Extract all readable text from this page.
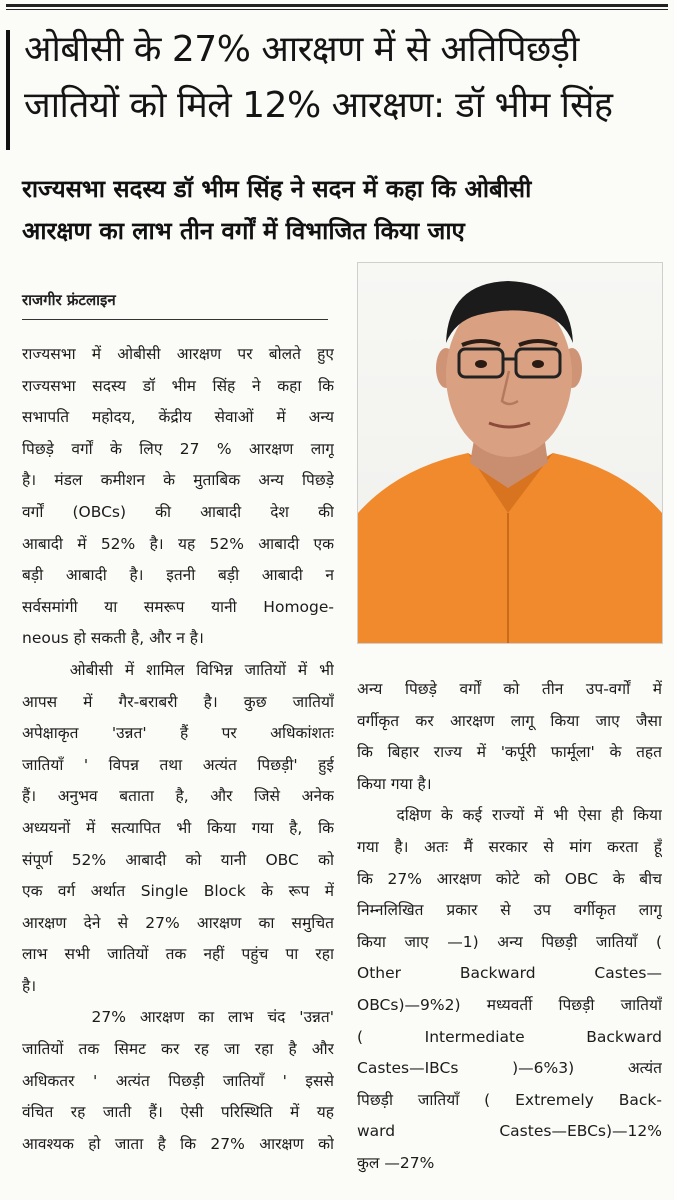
ओबीसी के 27% आरक्षण में से अतिपिछड़ी
जातियों को मिले 12% आरक्षण: डॉ भीम सिंह
राज्यसभा सदस्य डॉ भीम सिंह ने सदन में कहा कि ओबीसी
आरक्षण का लाभ तीन वर्गों में विभाजित किया जाए
राजगीर फ्रंटलाइन
राज्यसभा में ओबीसी आरक्षण पर बोलते हुए
राज्यसभा सदस्य डॉ भीम सिंह ने कहा कि
सभापति महोदय, केंद्रीय सेवाओं में अन्य
पिछड़े वर्गों के लिए 27 % आरक्षण लागू
है। मंडल कमीशन के मुताबिक अन्य पिछड़े
वर्गों (OBCs) की आबादी देश की
आबादी में 52% है। यह 52% आबादी एक
बड़ी आबादी है। इतनी बड़ी आबादी न
सर्वसमांगी या समरूप यानी Homoge-
neous हो सकती है, और न है।
ओबीसी में शामिल विभिन्न जातियों में भी
आपस में गैर-बराबरी है। कुछ जातियाँ
अपेक्षाकृत 'उन्नत' हैं पर अधिकांशतः
जातियाँ ' विपन्न तथा अत्यंत पिछड़ी' हुई
हैं। अनुभव बताता है, और जिसे अनेक
अध्ययनों में सत्यापित भी किया गया है, कि
संपूर्ण 52% आबादी को यानी OBC को
एक वर्ग अर्थात Single Block के रूप में
आरक्षण देने से 27% आरक्षण का समुचित
लाभ सभी जातियों तक नहीं पहुंच पा रहा
है।
27% आरक्षण का लाभ चंद 'उन्नत'
जातियों तक सिमट कर रह जा रहा है और
अधिकतर ' अत्यंत पिछड़ी जातियाँ ' इससे
वंचित रह जाती हैं। ऐसी परिस्थिति में यह
आवश्यक हो जाता है कि 27% आरक्षण को
अन्य पिछड़े वर्गों को तीन उप-वर्गों में
वर्गीकृत कर आरक्षण लागू किया जाए जैसा
कि बिहार राज्य में 'कर्पूरी फार्मूला' के तहत
किया गया है।
दक्षिण के कई राज्यों में भी ऐसा ही किया
गया है। अतः मैं सरकार से मांग करता हूँ
कि 27% आरक्षण कोटे को OBC के बीच
निम्नलिखित प्रकार से उप वर्गीकृत लागू
किया जाए —1) अन्य पिछड़ी जातियाँ (
Other Backward Castes—
OBCs)—9%2) मध्यवर्ती पिछड़ी जातियाँ
( Intermediate Backward
Castes—IBCs )—6%3) अत्यंत
पिछड़ी जातियाँ ( Extremely Back-
ward Castes—EBCs)—12%
कुल —27%
